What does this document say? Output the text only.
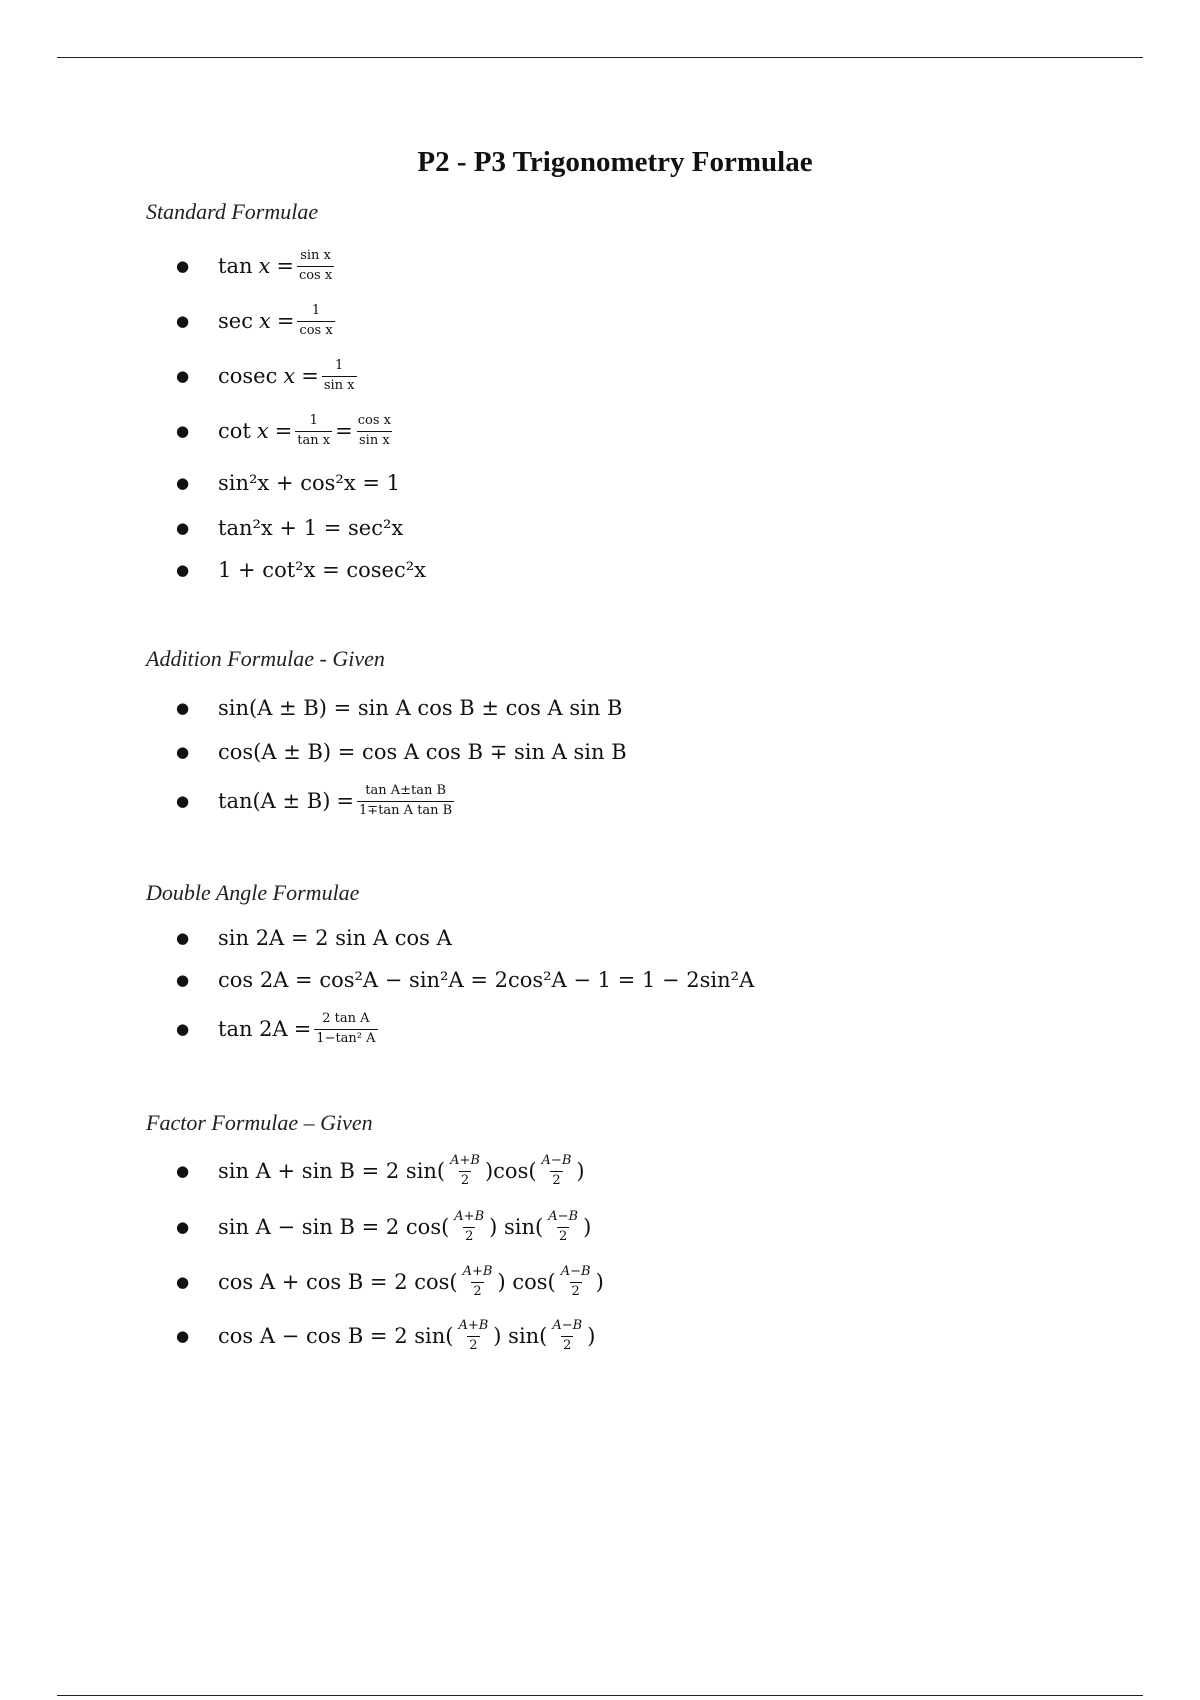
P2 - P3 Trigonometry Formulae
Standard Formulae
● $\tan x = \frac{\text{sin x}}{\text{cos x}}$
● $\sec x = \frac{1}{\text{cos x}}$
● cosec $x = \frac{1}{\text{sin x}}$
● $\cot x = \frac{1}{\text{tan x}} = \frac{\text{cos x}}{\text{sin x}}$
● sin²x + cos²x = 1
● tan²x + 1 = sec²x
● 1 + cot²x = cosec²x
Addition Formulae - Given
● sin(A ± B) = sin A cos B ± cos A sin B
● cos(A ± B) = cos A cos B ∓ sin A sin B
● $\tan(A \pm B) = \frac{\text{tan A±tan B}}{\text{1∓tan A tan B}}$
Double Angle Formulae
● sin 2A = 2 sin A cos A
● cos 2A = cos²A − sin²A = 2cos²A − 1 = 1 − 2sin²A
● $\tan 2A = \frac{\text{2 tan A}}{\text{1−tan² A}}$
Factor Formulae – Given
● sin A + sin B = 2 $\sin( \frac{A+B}{2} )\cos( \frac{A-B}{2}$ )
● sin A − sin B = 2 $\cos( \frac{A+B}{2}$ ) $\sin( \frac{A-B}{2}$ )
● cos A + cos B = 2 $\cos( \frac{A+B}{2}$ ) $\cos( \frac{A-B}{2}$ )
● cos A − cos B = 2 $\sin( \frac{A+B}{2}$ ) $\sin( \frac{A-B}{2}$ )
